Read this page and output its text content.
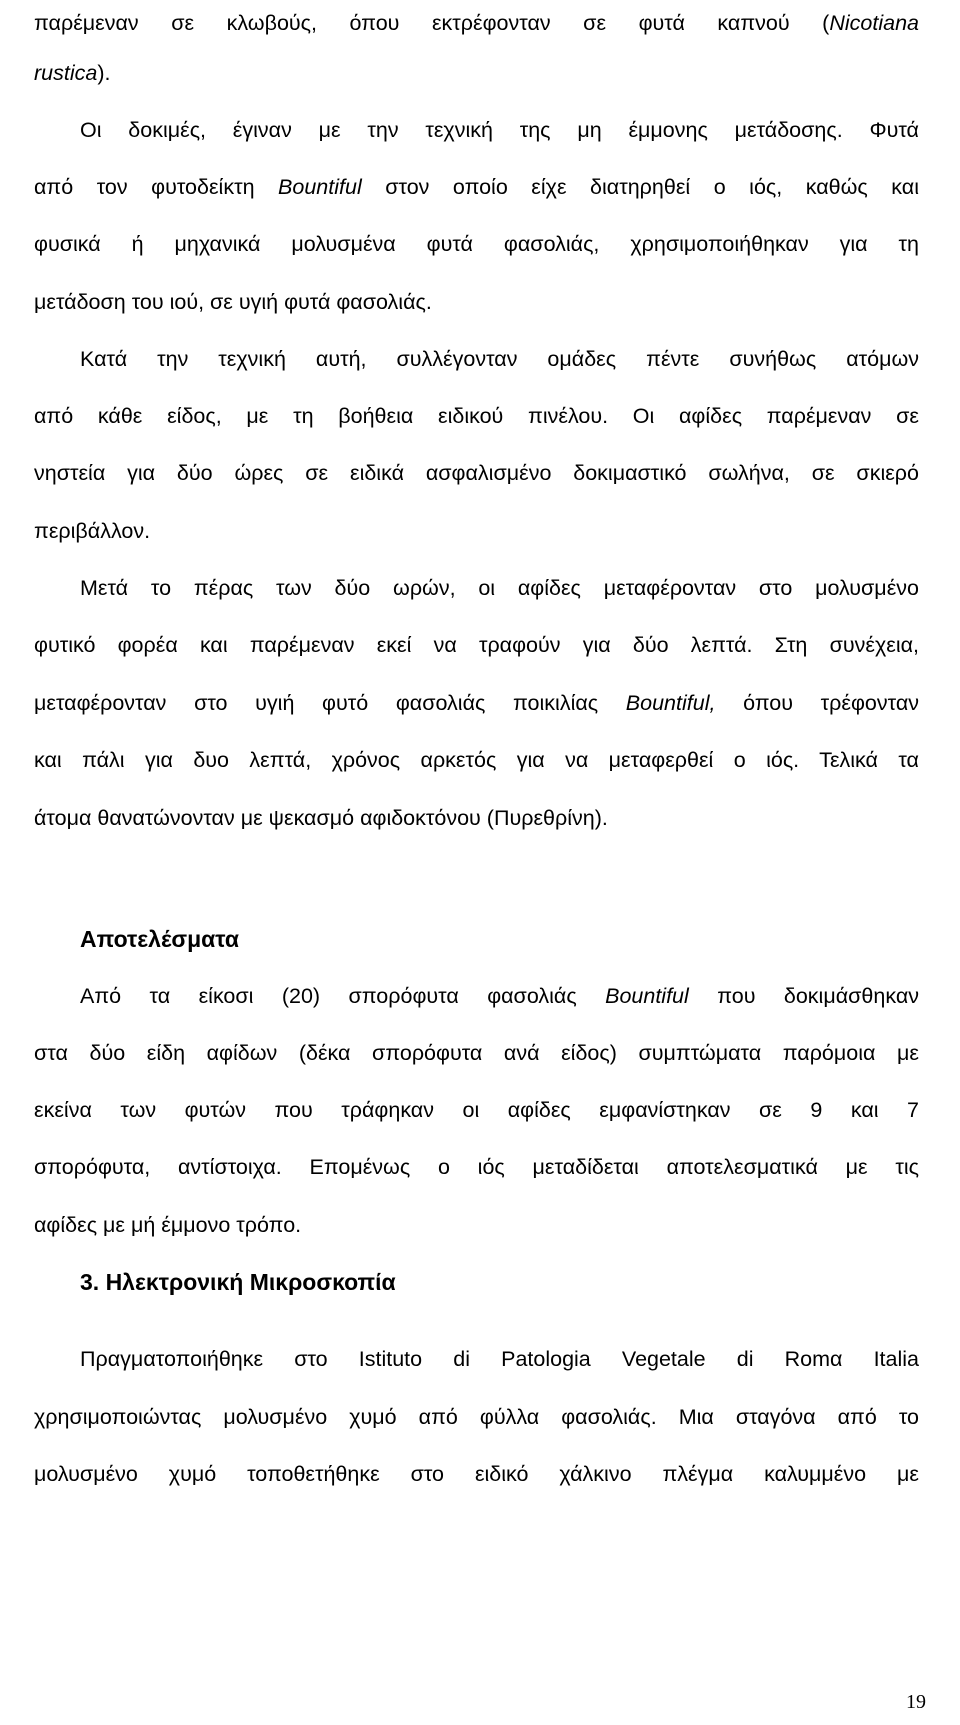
παρέμεναν σε κλωβούς, όπου εκτρέφονταν σε φυτά καπνού (Nicotiana
rustica).
Οι δοκιμές, έγιναν με την τεχνική της μη έμμονης μετάδοσης. Φυτά
από τον φυτοδείκτη Bountiful στον οποίο είχε διατηρηθεί ο ιός, καθώς και
φυσικά ή μηχανικά μολυσμένα φυτά φασολιάς, χρησιμοποιήθηκαν για τη
μετάδοση του ιού, σε υγιή φυτά φασολιάς.
Κατά την τεχνική αυτή, συλλέγονταν ομάδες πέντε συνήθως ατόμων
από κάθε είδος, με τη βοήθεια ειδικού πινέλου. Οι αφίδες παρέμεναν σε
νηστεία για δύο ώρες σε ειδικά ασφαλισμένο δοκιμαστικό σωλήνα, σε σκιερό
περιβάλλον.
Μετά το πέρας των δύο ωρών, οι αφίδες μεταφέρονταν στο μολυσμένο
φυτικό φορέα και παρέμεναν εκεί να τραφούν για δύο λεπτά. Στη συνέχεια,
μεταφέρονταν στο υγιή φυτό φασολιάς ποικιλίας Bountiful, όπου τρέφονταν
και πάλι για δυο λεπτά, χρόνος αρκετός για να μεταφερθεί ο ιός. Τελικά τα
άτομα θανατώνονταν με ψεκασμό αφιδοκτόνου (Πυρεθρίνη).
Αποτελέσματα
Από τα είκοσι (20) σπορόφυτα φασολιάς Bountiful που δοκιμάσθηκαν
στα δύο είδη αφίδων (δέκα σπορόφυτα ανά είδος) συμπτώματα παρόμοια με
εκείνα των φυτών που τράφηκαν οι αφίδες εμφανίστηκαν σε 9 και 7
σπορόφυτα, αντίστοιχα. Επομένως ο ιός μεταδίδεται αποτελεσματικά με τις
αφίδες με μή έμμονο τρόπο.
3. Ηλεκτρονική Μικροσκοπία
Πραγματοποιήθηκε στο Istituto di Patologia Vegetale di Romα Italia
χρησιμοποιώντας μολυσμένο χυμό από φύλλα φασολιάς. Μια σταγόνα από το
μολυσμένο χυμό τοποθετήθηκε στο ειδικό χάλκινο πλέγμα καλυμμένο με
19
